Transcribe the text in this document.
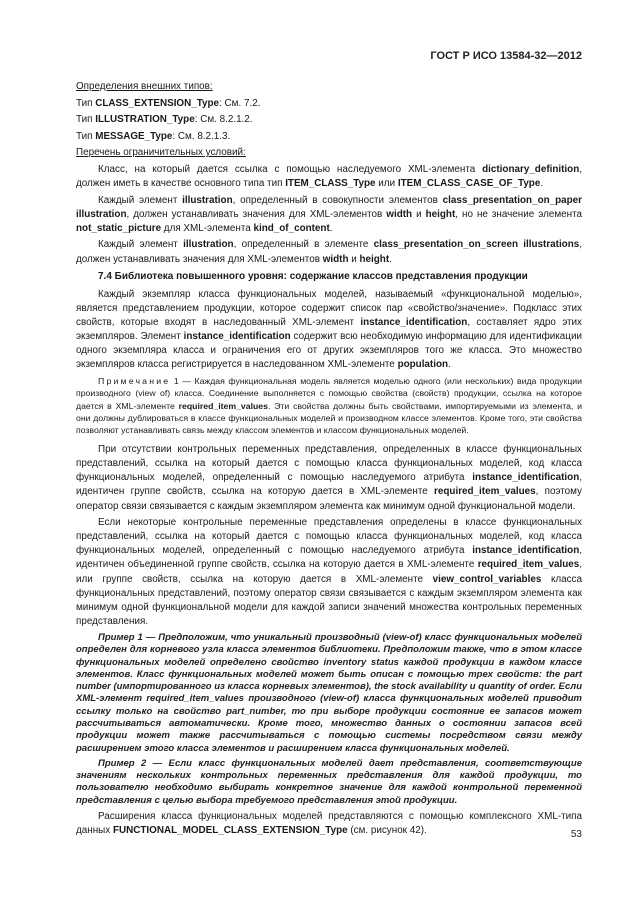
ГОСТ Р ИСО 13584-32—2012

Определения внешних типов:

Тип CLASS_EXTENSION_Type: См. 7.2.

Тип ILLUSTRATION_Type: См. 8.2.1.2.

Тип MESSAGE_Type: См. 8.2.1.3.

Перечень ограничительных условий:

Класс, на который дается ссылка с помощью наследуемого XML-элемента dictionary_definition, должен иметь в качестве основного типа тип ITEM_CLASS_Type или ITEM_CLASS_CASE_OF_Type.

Каждый элемент illustration, определенный в совокупности элементов class_presentation_on_paper illustration, должен устанавливать значения для XML-элементов width и height, но не значение элемента not_static_picture для XML-элемента kind_of_content.

Каждый элемент illustration, определенный в элементе class_presentation_on_screen illustrations, должен устанавливать значения для XML-элементов width и height.

7.4 Библиотека повышенного уровня: содержание классов представления продукции

Каждый экземпляр класса функциональных моделей, называемый «функциональной моделью», является представлением продукции, которое содержит список пар «свойство/значение». Подкласс этих свойств, которые входят в наследованный XML-элемент instance_identification, составляет ядро этих экземпляров. Элемент instance_identification содержит всю необходимую информацию для идентификации одного экземпляра класса и ограничения его от других экземпляров того же класса. Это множество экземпляров класса регистрируется в наследованном XML-элементе population.

Примечание 1 — Каждая функциональная модель является моделью одного (или нескольких) вида продукции производного (view of) класса. Соединение выполняется с помощью свойства (свойств) продукции, ссылка на которое дается в XML-элементе required_item_values. Эти свойства должны быть свойствами, импортируемыми из элемента, и они должны дублироваться в классе функциональных моделей и производном классе элементов. Кроме того, эти свойства позволяют устанавливать связь между классом элементов и классом функциональных моделей.

При отсутствии контрольных переменных представления, определенных в классе функциональных представлений, ссылка на который дается с помощью класса функциональных моделей, код класса функциональных моделей, определенный с помощью наследуемого атрибута instance_identification, идентичен группе свойств, ссылка на которую дается в XML-элементе required_item_values, поэтому оператор связи связывается с каждым экземпляром элемента как минимум одной функциональной модели.

Если некоторые контрольные переменные представления определены в классе функциональных представлений, ссылка на который дается с помощью класса функциональных моделей, код класса функциональных моделей, определенный с помощью наследуемого атрибута instance_identification, идентичен объединенной группе свойств, ссылка на которую дается в XML-элементе required_item_values, или группе свойств, ссылка на которую дается в XML-элементе view_control_variables класса функциональных представлений, поэтому оператор связи связывается с каждым экземпляром элемента как минимум одной функциональной модели для каждой записи значений множества контрольных переменных представления.

Пример 1 — Предположим, что уникальный производный (view-of) класс функциональных моделей определен для корневого узла класса элементов библиотеки. Предположим также, что в этом классе функциональных моделей определено свойство inventory status каждой продукции в каждом классе элементов. Класс функциональных моделей может быть описан с помощью трех свойств: the part number (импортированного из класса корневых элементов), the stock availability и quantity of order. Если XML-элемент required_item_values производного (view-of) класса функциональных моделей приводит ссылку только на свойство part_number, то при выборе продукции состояние ее запасов может рассчитываться автоматически. Кроме того, множество данных о состоянии запасов всей продукции может также рассчитываться с помощью системы посредством связи между расширением этого класса элементов и расширением класса функциональных моделей.

Пример 2 — Если класс функциональных моделей дает представления, соответствующие значениям нескольких контрольных переменных представления для каждой продукции, то пользователю необходимо выбирать конкретное значение для каждой контрольной переменной представления с целью выбора требуемого представления этой продукции.

Расширения класса функциональных моделей представляются с помощью комплексного XML-типа данных FUNCTIONAL_MODEL_CLASS_EXTENSION_Type (см. рисунок 42).	53
